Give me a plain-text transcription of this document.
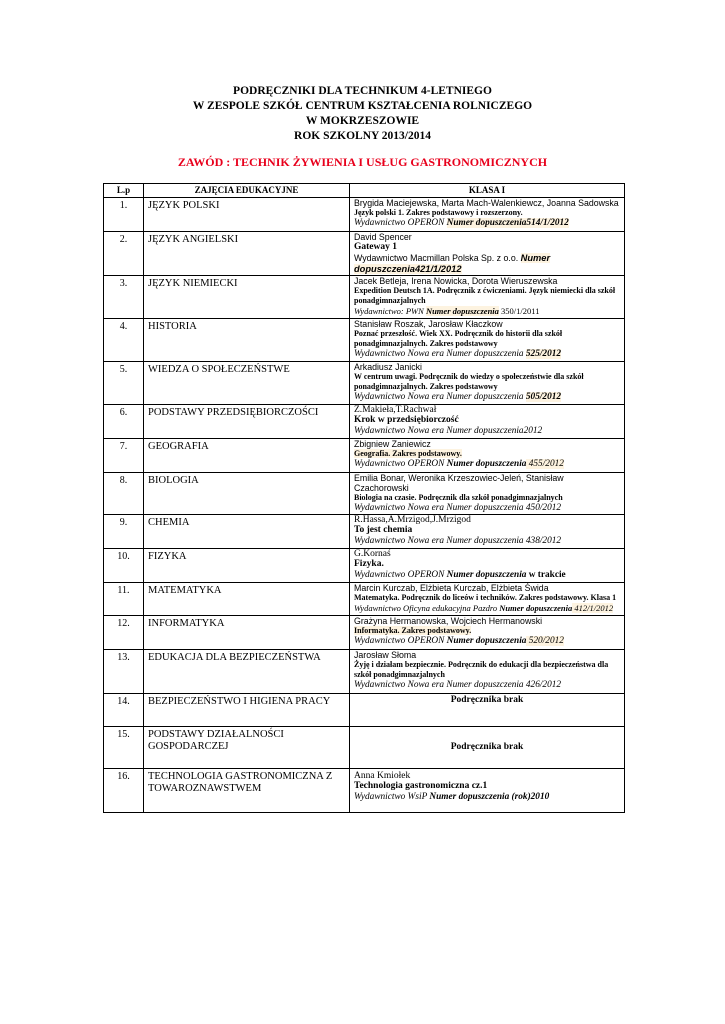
PODRĘCZNIKI DLA TECHNIKUM 4-LETNIEGO
W ZESPOLE SZKÓŁ CENTRUM KSZTAŁCENIA ROLNICZEGO
W MOKRZESZOWIE
ROK SZKOLNY 2013/2014
ZAWÓD : TECHNIK ŻYWIENIA I USŁUG GASTRONOMICZNYCH
L.p	ZAJĘCIA EDUKACYJNE	KLASA I
1.	JĘZYK POLSKI	Brygida Maciejewska, Marta Mach-Walenkiewcz, Joanna Sadowska
Język polski 1. Zakres podstawowy i rozszerzony.
Wydawnictwo OPERON Numer dopuszczenia514/1/2012

2.	JĘZYK ANGIELSKI	David Spencer
Gateway 1
Wydawnictwo Macmillan Polska Sp. z o.o. Numer dopuszczenia421/1/2012

3.	JĘZYK NIEMIECKI	Jacek Betleja, Irena Nowicka, Dorota Wieruszewska
Expedition Deutsch 1A. Podręcznik z ćwiczeniami. Język niemiecki dla szkół ponadgimnazjalnych
Wydawnictwo: PWN Numer dopuszczenia 350/1/2011

4.	HISTORIA	Stanisław Roszak, Jarosław Kłaczkow
Poznać przeszłość. Wiek XX. Podręcznik do historii dla szkół ponadgimnazjalnych. Zakres podstawowy
Wydawnictwo Nowa era Numer dopuszczenia 525/2012

5.	WIEDZA O SPOŁECZEŃSTWE	Arkadiusz Janicki
W centrum uwagi. Podręcznik do wiedzy o społeczeństwie dla szkół ponadgimnazjalnych. Zakres podstawowy
Wydawnictwo Nowa era Numer dopuszczenia 505/2012

6.	PODSTAWY PRZEDSIĘBIORCZOŚCI	Z.Makieła,T.Rachwał
Krok w przedsiębiorczość
Wydawnictwo Nowa era Numer dopuszczenia2012

7.	GEOGRAFIA	Zbigniew Zaniewicz
Geografia. Zakres podstawowy.
Wydawnictwo OPERON Numer dopuszczenia 455/2012

8.	BIOLOGIA	Emilia Bonar, Weronika Krzeszowiec-Jeleń, Stanisław Czachorowski
Biologia na czasie. Podręcznik dla szkół ponadgimnazjalnych
Wydawnictwo Nowa era Numer dopuszczenia 450/2012

9.	CHEMIA	R.Hassa,A.Mrzigod,J.Mrzigod
To jest chemia
Wydawnictwo Nowa era Numer dopuszczenia 438/2012

10.	FIZYKA	G.Kornaś
Fizyka.
Wydawnictwo OPERON Numer dopuszczenia w trakcie

11.	MATEMATYKA	Marcin Kurczab, Elżbieta Kurczab, Elżbieta Świda
Matematyka. Podręcznik do liceów i techników. Zakres podstawowy. Klasa 1
Wydawnictwo Oficyna edukacyjna Pazdro Numer dopuszczenia 412/1/2012

12.	INFORMATYKA	Grażyna Hermanowska, Wojciech Hermanowski
Informatyka. Zakres podstawowy.
Wydawnictwo OPERON Numer dopuszczenia 520/2012

13.	EDUKACJA DLA BEZPIECZEŃSTWA	Jarosław Słoma
Żyję i działam bezpiecznie. Podręcznik do edukacji dla bezpieczeństwa dla szkół ponadgimnazjalnych
Wydawnictwo Nowa era Numer dopuszczenia 426/2012

14.	BEZPIECZEŃSTWO I HIGIENA PRACY	Podręcznika brak
15.	PODSTAWY DZIAŁALNOŚCI GOSPODARCZEJ	Podręcznika brak
16.	TECHNOLOGIA GASTRONOMICZNA Z TOWAROZNAWSTWEM	Anna Kmiołek
Technologia gastronomiczna cz.1
Wydawnictwo WsiP Numer dopuszczenia (rok)2010
